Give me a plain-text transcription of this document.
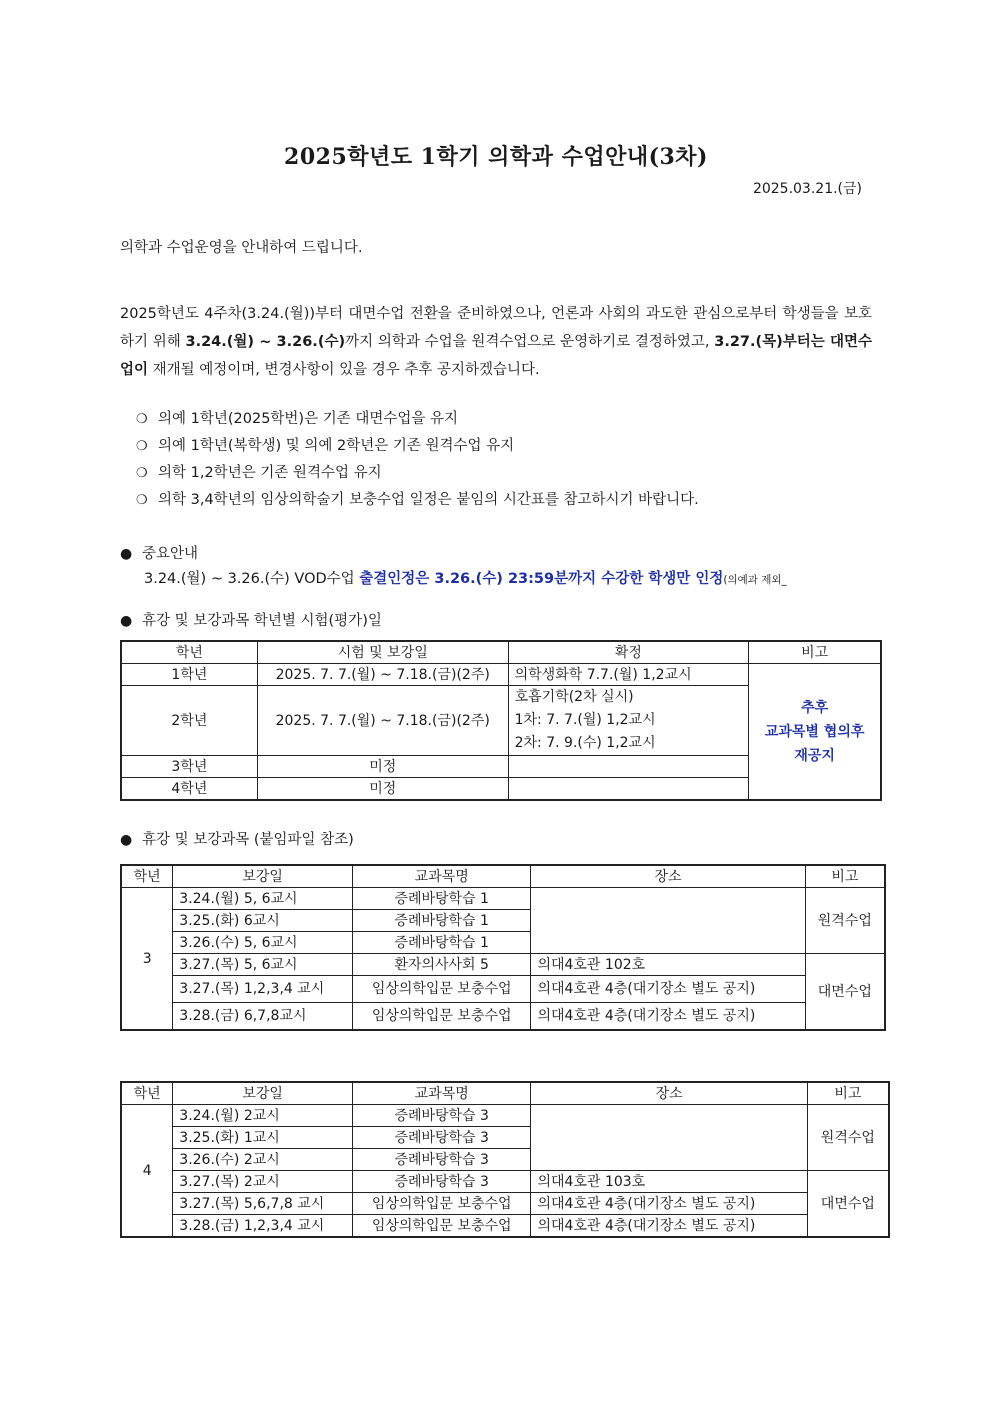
2025학년도 1학기 의학과 수업안내(3차)
2025.03.21.(금)
의학과 수업운영을 안내하여 드립니다.
2025학년도 4주차(3.24.(월))부터 대면수업 전환을 준비하였으나, 언론과 사회의 과도한 관심으로부터 학생들을 보호하기 위해 3.24.(월) ~ 3.26.(수)까지 의학과 수업을 원격수업으로 운영하기로 결정하였고, 3.27.(목)부터는 대면수업이 재개될 예정이며, 변경사항이 있을 경우 추후 공지하겠습니다.
❍ 의예 1학년(2025학번)은 기존 대면수업을 유지
❍ 의예 1학년(복학생) 및 의예 2학년은 기존 원격수업 유지
❍ 의학 1,2학년은 기존 원격수업 유지
❍ 의학 3,4학년의 임상의학술기 보충수업 일정은 붙임의 시간표를 참고하시기 바랍니다.
● 중요안내
3.24.(월) ~ 3.26.(수) VOD수업 출결인정은 3.26.(수) 23:59분까지 수강한 학생만 인정(의예과 제외_
● 휴강 및 보강과목 학년별 시험(평가)일
학년	시험 및 보강일	확정	비고
1학년	2025. 7. 7.(월) ~ 7.18.(금)(2주)	의학생화학 7.7.(월) 1,2교시	추후
교과목별 협의후
재공지

2학년	2025. 7. 7.(월) ~ 7.18.(금)(2주)	호흡기학(2차 실시)
1차: 7. 7.(월) 1,2교시
2차: 7. 9.(수) 1,2교시	

3학년	미정		
4학년	미정		
● 휴강 및 보강과목 (붙임파일 참조)
학년	보강일	교과목명	장소	비고
3	3.24.(월) 5, 6교시	증례바탕학습 1		원격수업
	3.25.(화) 6교시	증례바탕학습 1		
	3.26.(수) 5, 6교시	증례바탕학습 1		
	3.27.(목) 5, 6교시	환자의사사회 5	의대4호관 102호	대면수업
	3.27.(목) 1,2,3,4 교시	임상의학입문 보충수업	의대4호관 4층(대기장소 별도 공지)	
	3.28.(금) 6,7,8교시	임상의학입문 보충수업	의대4호관 4층(대기장소 별도 공지)	
학년	보강일	교과목명	장소	비고
4	3.24.(월) 2교시	증례바탕학습 3		원격수업
	3.25.(화) 1교시	증례바탕학습 3		
	3.26.(수) 2교시	증례바탕학습 3		
	3.27.(목) 2교시	증례바탕학습 3	의대4호관 103호	대면수업
	3.27.(목) 5,6,7,8 교시	임상의학입문 보충수업	의대4호관 4층(대기장소 별도 공지)	
	3.28.(금) 1,2,3,4 교시	임상의학입문 보충수업	의대4호관 4층(대기장소 별도 공지)	
